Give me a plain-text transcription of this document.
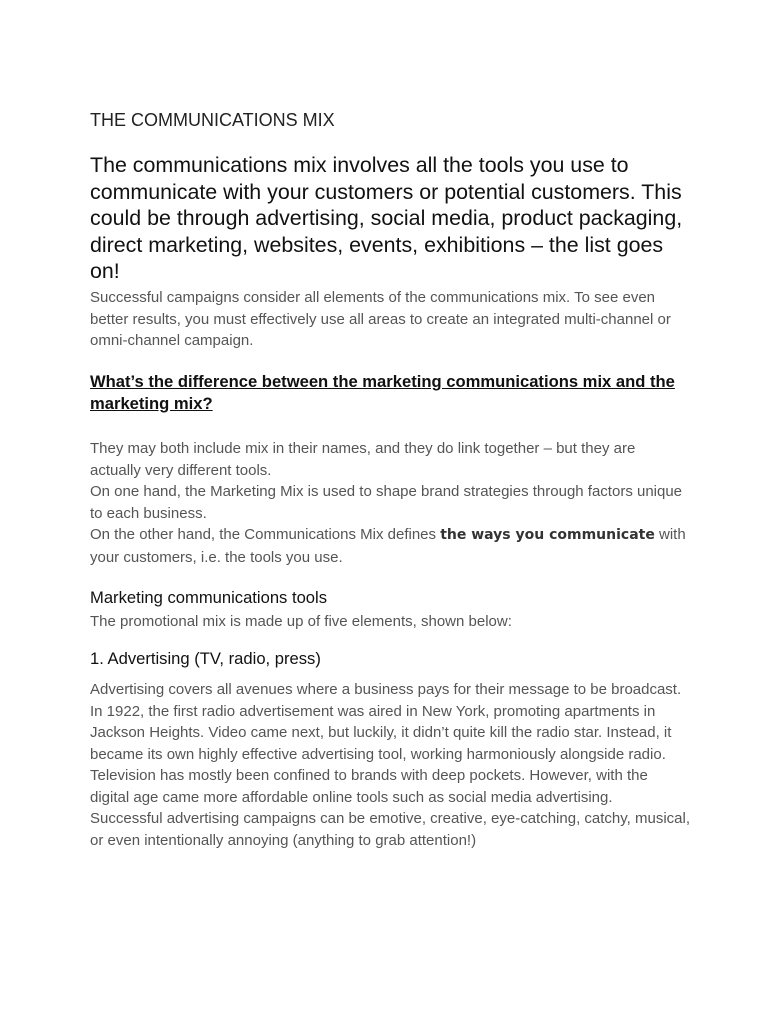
THE COMMUNICATIONS MIX

The communications mix involves all the tools you use to communicate with your customers or potential customers. This could be through advertising, social media, product packaging, direct marketing, websites, events, exhibitions – the list goes on!

Successful campaigns consider all elements of the communications mix. To see even better results, you must effectively use all areas to create an integrated multi-channel or omni-channel campaign.

What’s the difference between the marketing communications mix and the marketing mix?

They may both include mix in their names, and they do link together – but they are actually very different tools.

On one hand, the Marketing Mix is used to shape brand strategies through factors unique to each business.

On the other hand, the Communications Mix defines the ways you communicate with your customers, i.e. the tools you use.

Marketing communications tools

The promotional mix is made up of five elements, shown below:

1. Advertising (TV, radio, press)

Advertising covers all avenues where a business pays for their message to be broadcast.

In 1922, the first radio advertisement was aired in New York, promoting apartments in Jackson Heights. Video came next, but luckily, it didn’t quite kill the radio star. Instead, it became its own highly effective advertising tool, working harmoniously alongside radio.

Television has mostly been confined to brands with deep pockets. However, with the digital age came more affordable online tools such as social media advertising.

Successful advertising campaigns can be emotive, creative, eye-catching, catchy, musical, or even intentionally annoying (anything to grab attention!)
